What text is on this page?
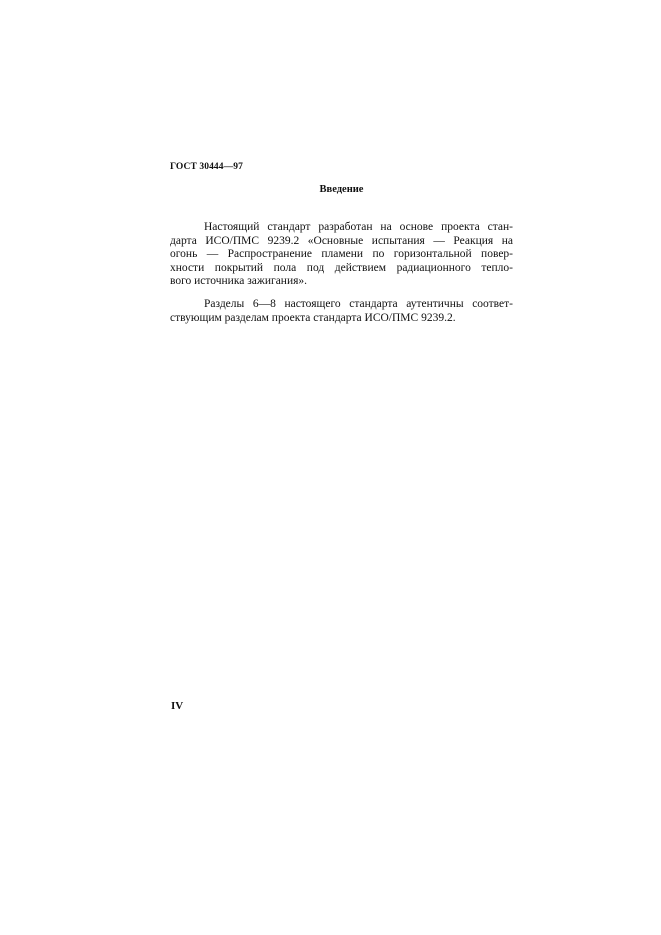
ГОСТ 30444—97

Введение
Настоящий стандарт разработан на основе проекта стан-
дарта ИСО/ПМС 9239.2 «Основные испытания — Реакция на
огонь — Распространение пламени по горизонтальной повер-
хности покрытий пола под действием радиационного тепло-
вого источника зажигания».
Разделы 6—8 настоящего стандарта аутентичны соответ-
ствующим разделам проекта стандарта ИСО/ПМС 9239.2.

IV
